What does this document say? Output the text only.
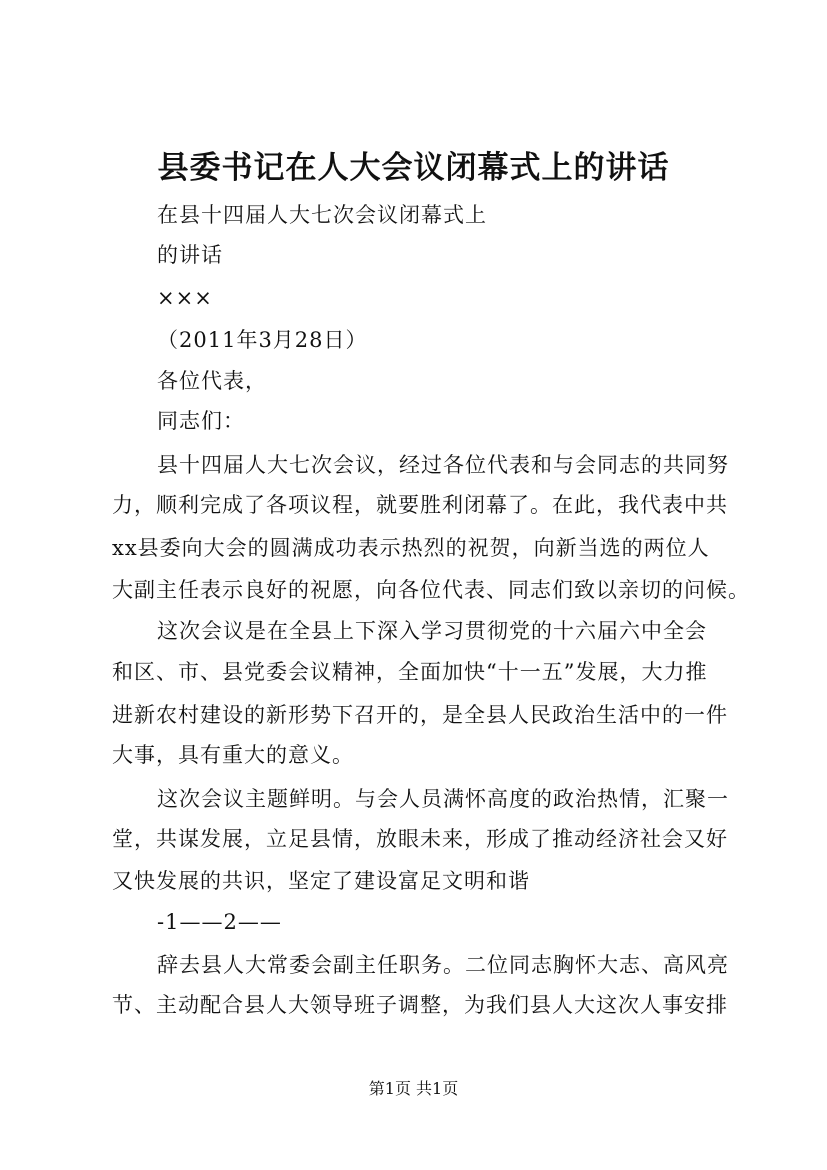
县委书记在人大会议闭幕式上的讲话
在县十四届人大七次会议闭幕式上
的讲话
×××
（2011年3月28日）
各位代表，
同志们：
县十四届人大七次会议，经过各位代表和与会同志的共同努
力，顺利完成了各项议程，就要胜利闭幕了。在此，我代表中共
xx县委向大会的圆满成功表示热烈的祝贺，向新当选的两位人
大副主任表示良好的祝愿，向各位代表、同志们致以亲切的问候。
这次会议是在全县上下深入学习贯彻党的十六届六中全会
和区、市、县党委会议精神，全面加快“十一五”发展，大力推
进新农村建设的新形势下召开的，是全县人民政治生活中的一件
大事，具有重大的意义。
这次会议主题鲜明。与会人员满怀高度的政治热情，汇聚一
堂，共谋发展，立足县情，放眼未来，形成了推动经济社会又好
又快发展的共识，坚定了建设富足文明和谐
-1——2——
辞去县人大常委会副主任职务。二位同志胸怀大志、高风亮
节、主动配合县人大领导班子调整，为我们县人大这次人事安排
第1页 共1页
